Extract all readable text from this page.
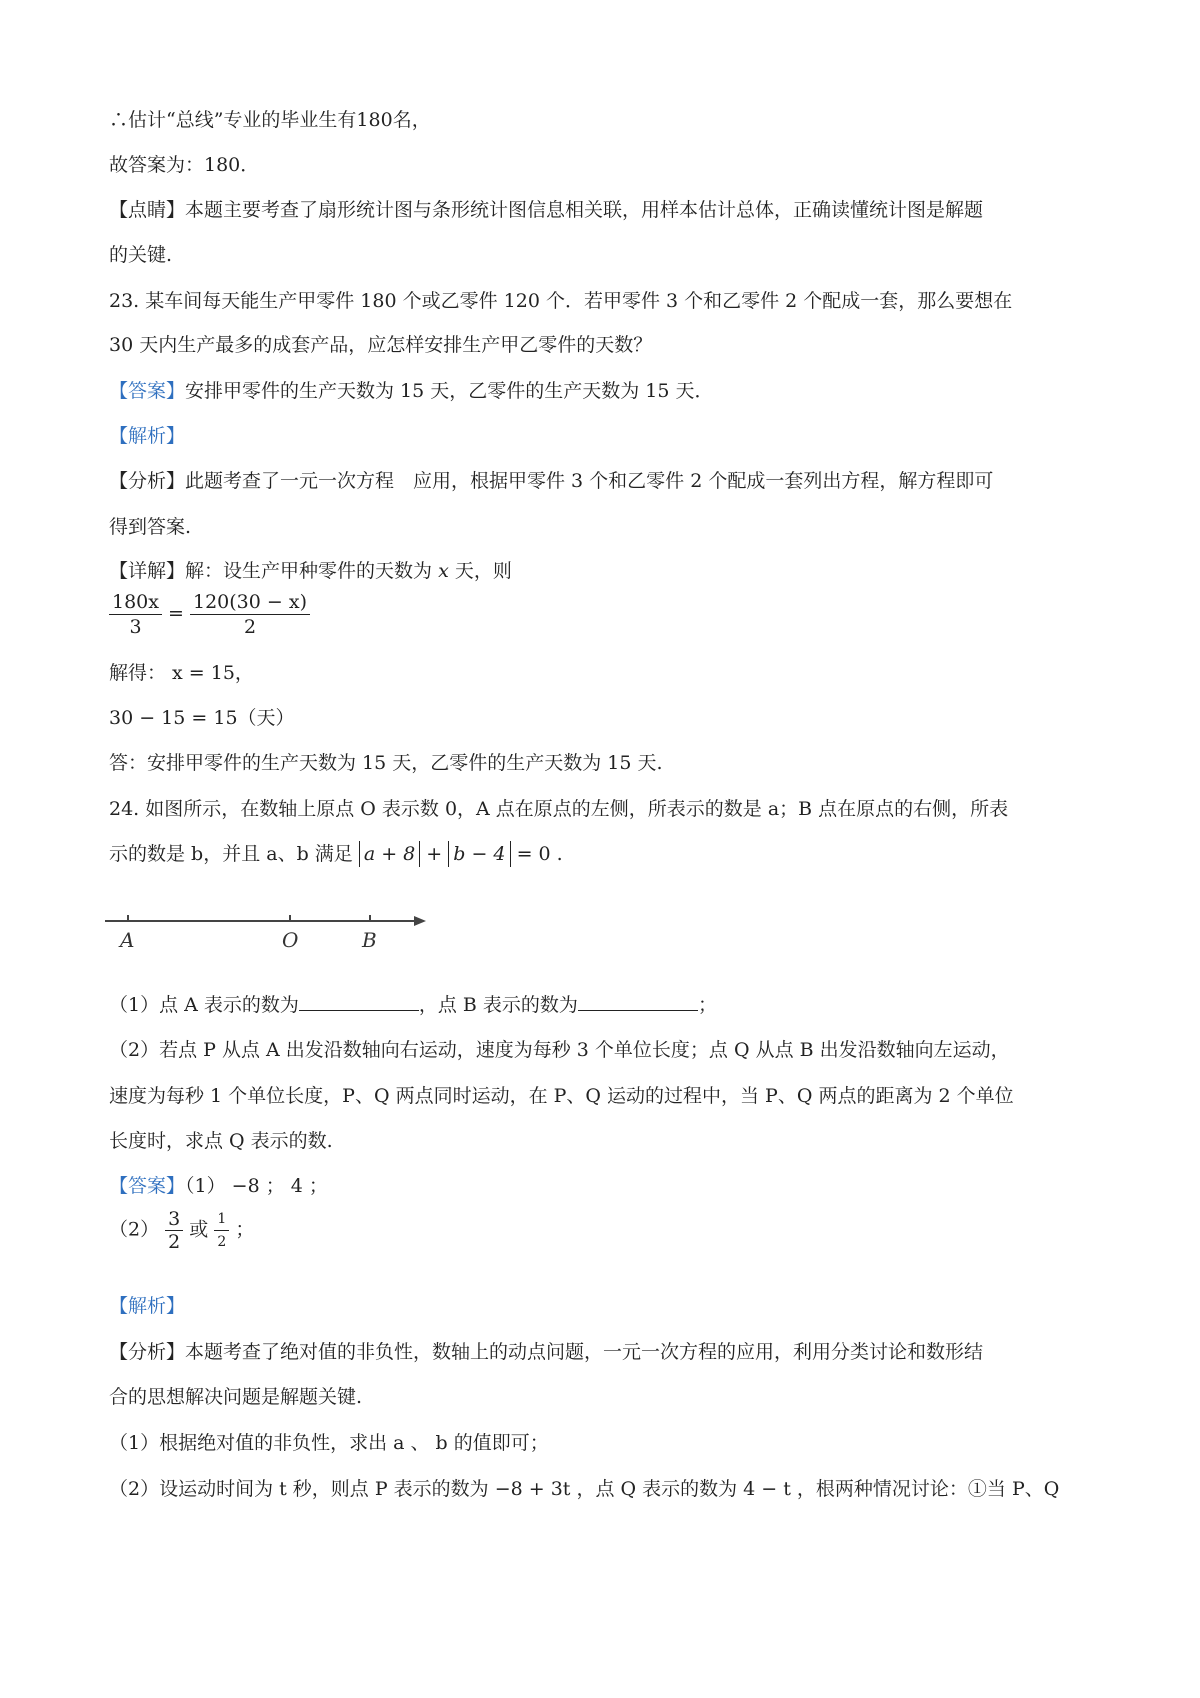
∴估计“总线”专业的毕业生有180名，
故答案为：180．
【点睛】本题主要考查了扇形统计图与条形统计图信息相关联，用样本估计总体，正确读懂统计图是解题
的关键.
23. 某车间每天能生产甲零件 180 个或乙零件 120 个．若甲零件 3 个和乙零件 2 个配成一套，那么要想在
30 天内生产最多的成套产品，应怎样安排生产甲乙零件的天数？
【答案】安排甲零件的生产天数为 15 天，乙零件的生产天数为 15 天．
【解析】
【分析】此题考查了一元一次方程　应用，根据甲零件 3 个和乙零件 2 个配成一套列出方程，解方程即可
得到答案.
【详解】解：设生产甲种零件的天数为 x 天，则
$\frac{180x}{3} = \frac{120(30 - x)}{2}$
解得： x = 15，
30 − 15 = 15（天）
答：安排甲零件的生产天数为 15 天，乙零件的生产天数为 15 天.
24. 如图所示，在数轴上原点 O 表示数 0，A 点在原点的左侧，所表示的数是 a；B 点在原点的右侧，所表
示的数是 b，并且 a、b 满足 a + 8 + b − 4 = 0 .
A	O	B
（1）点 A 表示的数为	，点 B 表示的数为	；
（2）若点 P 从点 A 出发沿数轴向右运动，速度为每秒 3 个单位长度；点 Q 从点 B 出发沿数轴向左运动，
速度为每秒 1 个单位长度，P、Q 两点同时运动，在 P、Q 运动的过程中，当 P、Q 两点的距离为 2 个单位
长度时，求点 Q 表示的数.
【答案】（1） −8 ； 4 ；
$(2) \frac{3}{2}$ 或 $\frac{1}{2}$ ；
【解析】
【分析】本题考查了绝对值的非负性，数轴上的动点问题，一元一次方程的应用，利用分类讨论和数形结
合的思想解决问题是解题关键.
（1）根据绝对值的非负性，求出 a 、 b 的值即可；
（2）设运动时间为 t 秒，则点 P 表示的数为 −8 + 3t ，点 Q 表示的数为 4 − t ，根两种情况讨论：①当 P、Q
